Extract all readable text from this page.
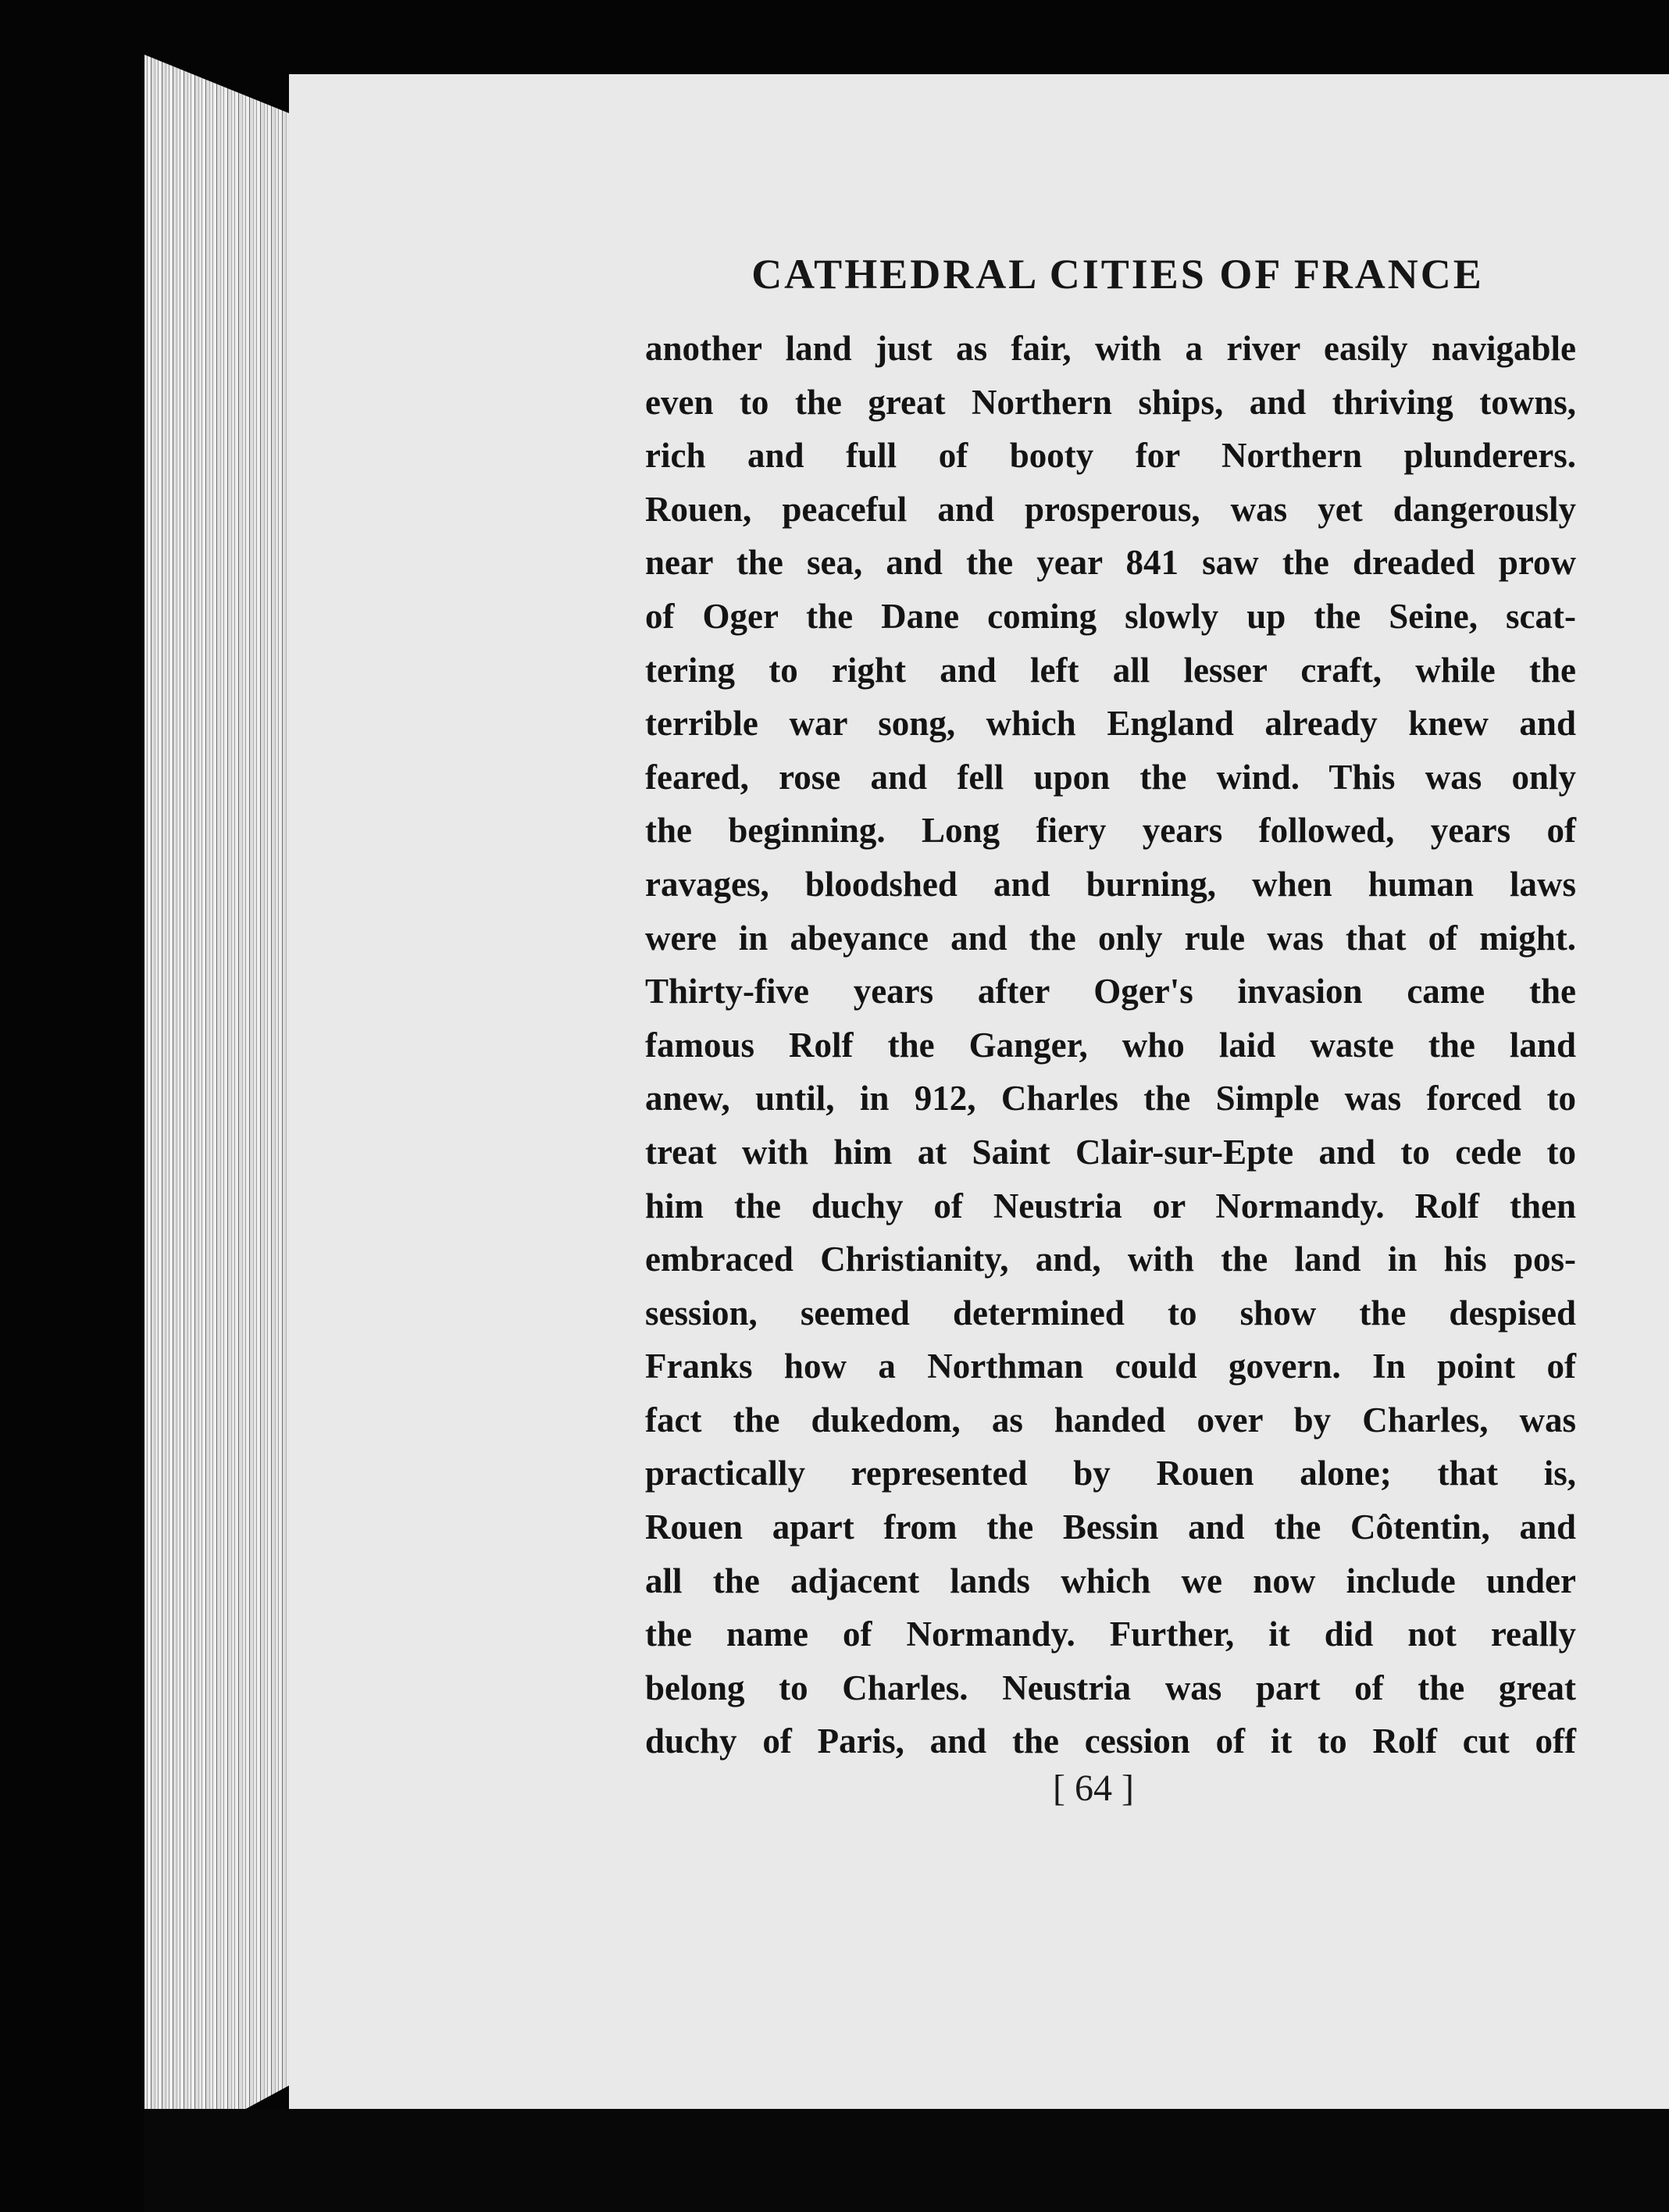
CATHEDRAL CITIES OF FRANCE
another land just as fair, with a river easily navigable
even to the great Northern ships, and thriving towns,
rich and full of booty for Northern plunderers.
Rouen, peaceful and prosperous, was yet dangerously
near the sea, and the year 841 saw the dreaded prow
of Oger the Dane coming slowly up the Seine, scat-
tering to right and left all lesser craft, while the
terrible war song, which England already knew and
feared, rose and fell upon the wind. This was only
the beginning. Long fiery years followed, years of
ravages, bloodshed and burning, when human laws
were in abeyance and the only rule was that of might.
Thirty-five years after Oger's invasion came the
famous Rolf the Ganger, who laid waste the land
anew, until, in 912, Charles the Simple was forced to
treat with him at Saint Clair-sur-Epte and to cede to
him the duchy of Neustria or Normandy. Rolf then
embraced Christianity, and, with the land in his pos-
session, seemed determined to show the despised
Franks how a Northman could govern. In point of
fact the dukedom, as handed over by Charles, was
practically represented by Rouen alone; that is,
Rouen apart from the Bessin and the Côtentin, and
all the adjacent lands which we now include under
the name of Normandy. Further, it did not really
belong to Charles. Neustria was part of the great
duchy of Paris, and the cession of it to Rolf cut off
[ 64 ]
